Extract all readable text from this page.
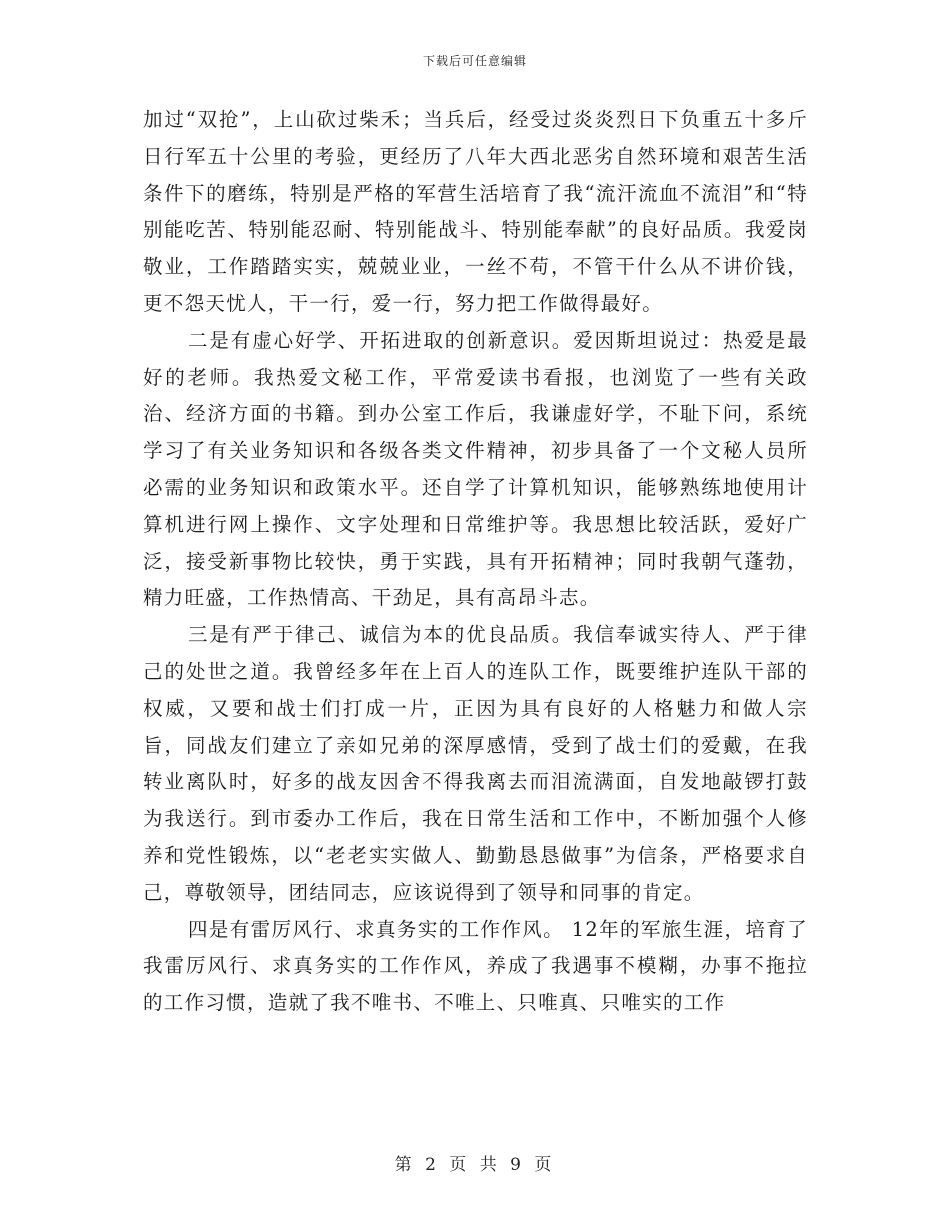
下载后可任意编辑

加过“双抢”，上山砍过柴禾；当兵后，经受过炎炎烈日下负重五十多斤日行军五十公里的考验，更经历了八年大西北恶劣自然环境和艰苦生活条件下的磨练，特别是严格的军营生活培育了我“流汗流血不流泪”和“特别能吃苦、特别能忍耐、特别能战斗、特别能奉献”的良好品质。我爱岗敬业，工作踏踏实实，兢兢业业，一丝不苟，不管干什么从不讲价钱，更不怨天忧人，干一行，爱一行，努力把工作做得最好。

二是有虚心好学、开拓进取的创新意识。爱因斯坦说过：热爱是最好的老师。我热爱文秘工作，平常爱读书看报，也浏览了一些有关政治、经济方面的书籍。到办公室工作后，我谦虚好学，不耻下问，系统学习了有关业务知识和各级各类文件精神，初步具备了一个文秘人员所必需的业务知识和政策水平。还自学了计算机知识，能够熟练地使用计算机进行网上操作、文字处理和日常维护等。我思想比较活跃，爱好广泛，接受新事物比较快，勇于实践，具有开拓精神；同时我朝气蓬勃，精力旺盛，工作热情高、干劲足，具有高昂斗志。

三是有严于律己、诚信为本的优良品质。我信奉诚实待人、严于律己的处世之道。我曾经多年在上百人的连队工作，既要维护连队干部的权威，又要和战士们打成一片，正因为具有良好的人格魅力和做人宗旨，同战友们建立了亲如兄弟的深厚感情，受到了战士们的爱戴，在我转业离队时，好多的战友因舍不得我离去而泪流满面，自发地敲锣打鼓为我送行。到市委办工作后，我在日常生活和工作中，不断加强个人修养和党性锻炼，以“老老实实做人、勤勤恳恳做事”为信条，严格要求自己，尊敬领导，团结同志，应该说得到了领导和同事的肯定。

四是有雷厉风行、求真务实的工作作风。 12年的军旅生涯，培育了我雷厉风行、求真务实的工作作风，养成了我遇事不模糊，办事不拖拉的工作习惯，造就了我不唯书、不唯上、只唯真、只唯实的工作

第 2 页 共 9 页
